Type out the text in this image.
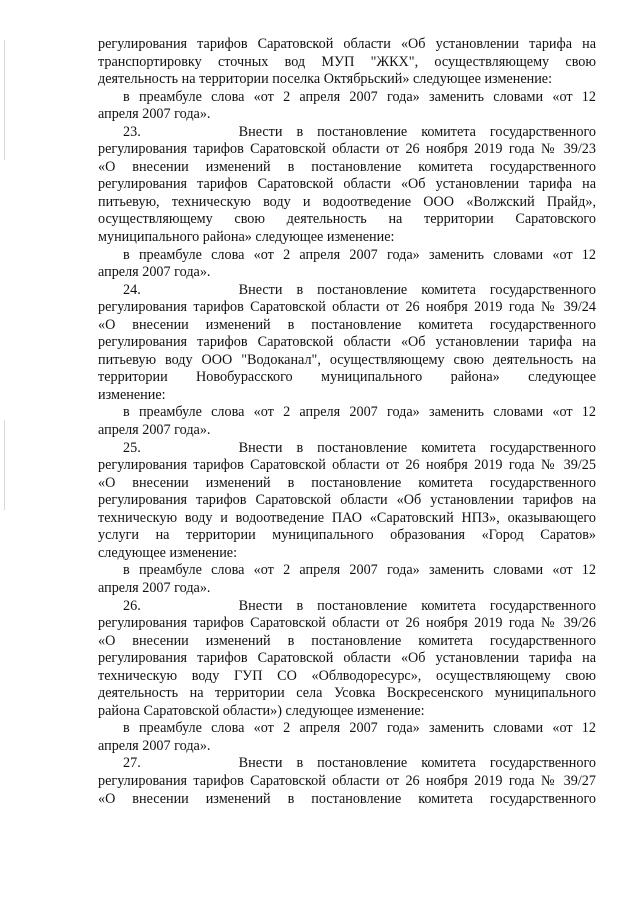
регулирования тарифов Саратовской области «Об установлении тарифа на
транспортировку сточных вод МУП "ЖКХ", осуществляющему свою
деятельность на территории поселка Октябрьский» следующее изменение:
в преамбуле слова «от 2 апреля 2007 года» заменить словами «от 12
апреля 2007 года».
23.       Внести в постановление комитета государственного
регулирования тарифов Саратовской области от 26 ноября 2019 года № 39/23
«О внесении изменений в постановление комитета государственного
регулирования тарифов Саратовской области «Об установлении тарифа на
питьевую, техническую воду и водоотведение ООО «Волжский Прайд»,
осуществляющему свою деятельность на территории Саратовского
муниципального района» следующее изменение:
в преамбуле слова «от 2 апреля 2007 года» заменить словами «от 12
апреля 2007 года».
24.       Внести в постановление комитета государственного
регулирования тарифов Саратовской области от 26 ноября 2019 года № 39/24
«О внесении изменений в постановление комитета государственного
регулирования тарифов Саратовской области «Об установлении тарифа на
питьевую воду ООО "Водоканал", осуществляющему свою деятельность на
территории Новобурасского муниципального района» следующее
изменение:
в преамбуле слова «от 2 апреля 2007 года» заменить словами «от 12
апреля 2007 года».
25.       Внести в постановление комитета государственного
регулирования тарифов Саратовской области от 26 ноября 2019 года № 39/25
«О внесении изменений в постановление комитета государственного
регулирования тарифов Саратовской области «Об установлении тарифов на
техническую воду и водоотведение ПАО «Саратовский НПЗ», оказывающего
услуги на территории муниципального образования «Город Саратов»
следующее изменение:
в преамбуле слова «от 2 апреля 2007 года» заменить словами «от 12
апреля 2007 года».
26.       Внести в постановление комитета государственного
регулирования тарифов Саратовской области от 26 ноября 2019 года № 39/26
«О внесении изменений в постановление комитета государственного
регулирования тарифов Саратовской области «Об установлении тарифа на
техническую воду ГУП СО «Облводоресурс», осуществляющему свою
деятельность на территории села Усовка Воскресенского муниципального
района Саратовской области») следующее изменение:
в преамбуле слова «от 2 апреля 2007 года» заменить словами «от 12
апреля 2007 года».
27.       Внести в постановление комитета государственного
регулирования тарифов Саратовской области от 26 ноября 2019 года № 39/27
«О внесении изменений в постановление комитета государственного
